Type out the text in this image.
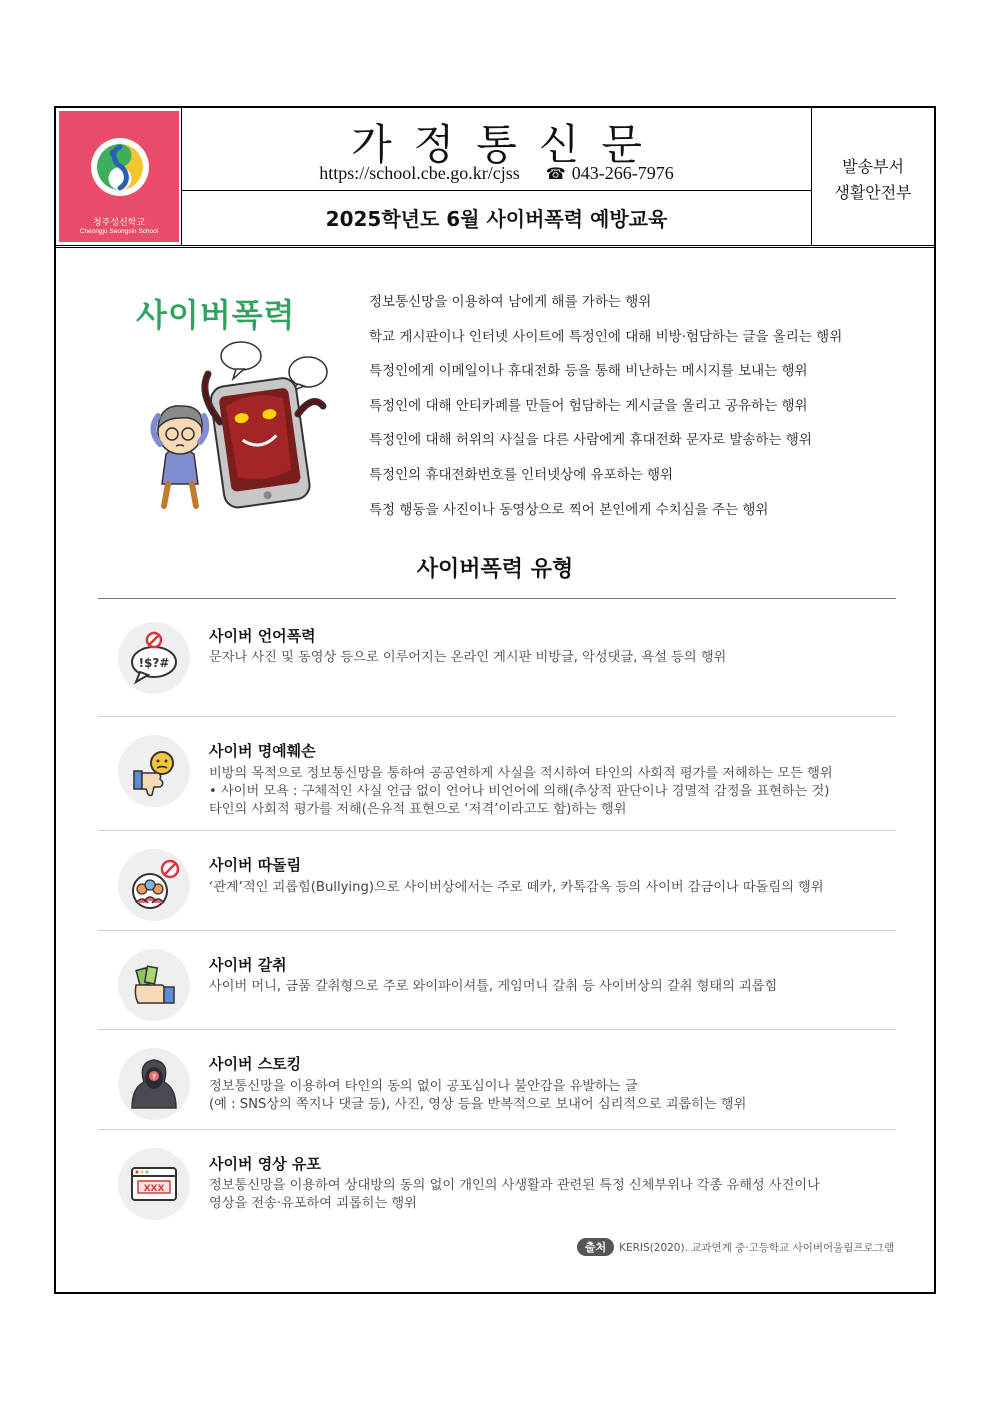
청주성신학교
Cheongju Seongsin School
가정통신문
https://school.cbe.go.kr/cjss ☎ 043-266-7976
2025학년도 6월 사이버폭력 예방교육
발송부서
생활안전부
사이버폭력	정보통신망을 이용하여 남에게 해를 가하는 행위
학교 게시판이나 인터넷 사이트에 특정인에 대해 비방·험담하는 글을 올리는 행위
특정인에게 이메일이나 휴대전화 등을 통해 비난하는 메시지를 보내는 행위
특정인에 대해 안티카페를 만들어 험담하는 게시글을 올리고 공유하는 행위
특정인에 대해 허위의 사실을 다른 사람에게 휴대전화 문자로 발송하는 행위
특정인의 휴대전화번호를 인터넷상에 유포하는 행위
특정 행동을 사진이나 동영상으로 찍어 본인에게 수치심을 주는 행위
사이버폭력 유형
!$?#
사이버 언어폭력
문자나 사진 및 동영상 등으로 이루어지는 온라인 게시판 비방글, 악성댓글, 욕설 등의 행위
사이버 명예훼손
비방의 목적으로 정보통신망을 통하여 공공연하게 사실을 적시하여 타인의 사회적 평가를 저해하는 모든 행위
• 사이버 모욕 : 구체적인 사실 언급 없이 언어나 비언어에 의해(추상적 판단이나 경멸적 감정을 표현하는 것)
타인의 사회적 평가를 저해(은유적 표현으로 ‘저격’이라고도 함)하는 행위
사이버 따돌림
‘관계’적인 괴롭힘(Bullying)으로 사이버상에서는 주로 떼카, 카톡감옥 등의 사이버 감금이나 따돌림의 행위
사이버 갈취
사이버 머니, 금품 갈취형으로 주로 와이파이셔틀, 게임머니 갈취 등 사이버상의 갈취 형태의 괴롭힘
?
사이버 스토킹
정보통신망을 이용하여 타인의 동의 없이 공포심이나 불안감을 유발하는 글
(예 : SNS상의 쪽지나 댓글 등), 사진, 영상 등을 반복적으로 보내어 심리적으로 괴롭히는 행위
XXX
사이버 영상 유포
정보통신망을 이용하여 상대방의 동의 없이 개인의 사생활과 관련된 특정 신체부위나 각종 유해성 사진이나
영상을 전송·유포하여 괴롭히는 행위
출처 KERIS(2020). 교과연계 중·고등학교 사이버어울림프로그램
